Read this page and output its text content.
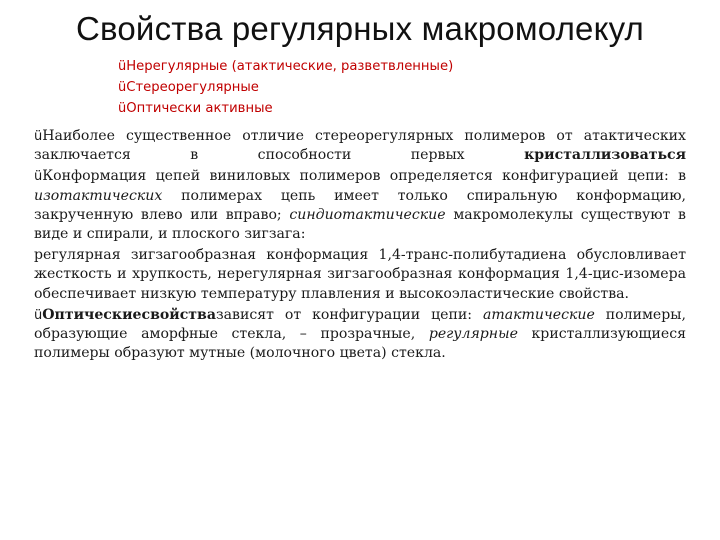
Свойства регулярных макромолекул
üНерегулярные (атактические, разветвленные)
üСтереорегулярные
üОптически активные

üНаиболее существенное отличие стереорегулярных полимеров от атактических заключается в способности первых кристаллизоваться

üКонформация цепей виниловых полимеров определяется конфигурацией цепи: в изотактических полимерах цепь имеет только спиральную конформацию, закрученную влево или вправо; синдиотактические макромолекулы существуют в виде и спирали, и плоского зигзага:

регулярная зигзагообразная конформация 1,4-транс-полибутадиена обусловливает жесткость и хрупкость, нерегулярная зигзагообразная конформация 1,4-цис-изомера обеспечивает низкую температуру плавления и высокоэластические свойства.

üОптическиесвойствазависят от конфигурации цепи: атактические полимеры, образующие аморфные стекла, – прозрачные, регулярные кристаллизующиеся полимеры образуют мутные (молочного цвета) стекла.
